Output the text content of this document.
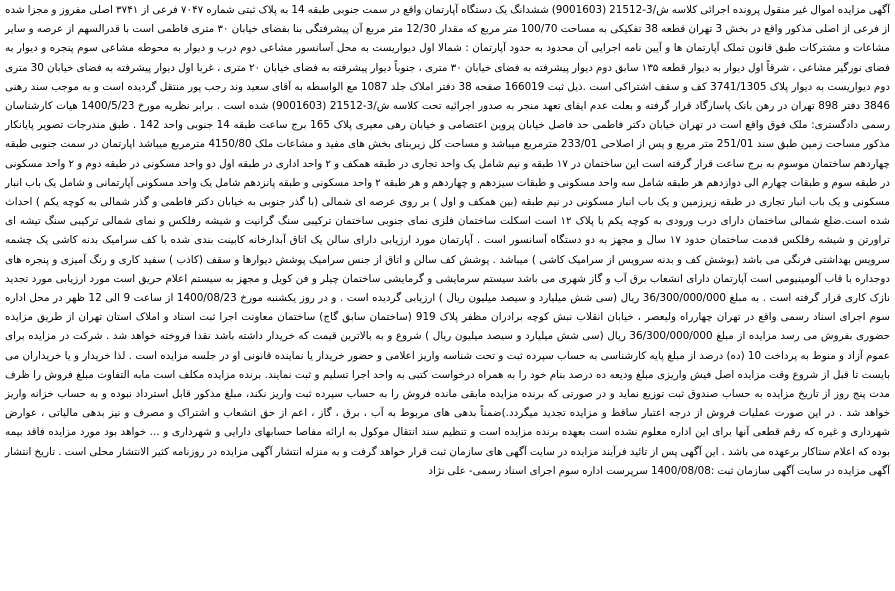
آگهی مزایده اموال غیر منقول پرونده اجرائی کلاسه ش/3-21512 (9001603) ششدانگ یک دستگاه آپارتمان واقع در سمت جنوبی طبقه 14 به پلاک ثبتی شماره ۷۰۴۷ فرعی از ۳۷۴۱ اصلی مفروز و مجزا شده از فرعی از اصلی مذکور واقع در بخش 3 تهران قطعه 38 تفکیکی به مساحت 100/70 متر مربع که مقدار 12/30 متر مربع آن پیشرفتگی بنا بفضای خیابان ۳۰ متری فاطمی است با قدرالسهم از عرصه و سایر مشاعات و مشترکات طبق قانون تملک آپارتمان ها و آیین نامه اجرایی آن محدود به حدود آپارتمان : شمالا اول دیواریست به محل آسانسور مشاعی دوم درب و دیوار به محوطه مشاعی سوم پنجره و دیوار به فضای نورگیر مشاعی ، شرقاً اول دیوار به دیوار قطعه ۱۳۵ سابق دوم دیوار پیشرفته به فضای خیابان ۳۰ متری ، جنوباً دیوار پیشرفته به فضای خیابان ۲۰ متری ، غربا اول دیوار پیشرفته به فضای خیابان 30 متری دوم دیواریست به دیوار پلاک 3741/1305 کف و سقف اشتراکی است .ذیل ثبت 166019 صفحه 38 دفتر املاک جلد 1087 مع الواسطه به آقای سعید وند رجب پور منتقل گردیده است و به موجب سند رهنی 3846 دفتر 898 تهران در رهن بانک پاسارگاد قرار گرفته و بعلت عدم ایفای تعهد منجر به صدور اجرائیه تحت کلاسه ش/3-21512 (9001603) شده است . برابر نظریه مورخ 1400/5/23 هیات کارشناسان رسمی دادگستری: ملک فوق واقع است در تهران خیابان دکتر فاطمی حد فاصل خیابان پروین اعتصامی و خیابان رهی معیری پلاک 165 برج ساعت طبقه 14 جنوبی واحد 142 . طبق مندرجات تصویر پایانکار مذکور مساحت زمین طبق سند 251/01 متر مربع و پس از اصلاحی 233/01 مترمربع میباشد و مساحت کل زیربنای بخش های مفید و مشاعات ملک 4150/80 مترمربع میباشد اپارتمان در سمت جنوبی طبقه چهاردهم ساختمان موسوم به برج ساعت قرار گرفته است این ساختمان در ۱۷ طبقه و نیم شامل یک واحد تجاری در طبقه همکف و ۲ واحد اداری در طبقه اول دو واحد مسکونی در طبقه دوم و ۲ واحد مسکونی در طبقه سوم و طبقات چهارم الی دوازدهم هر طبقه شامل سه واحد مسکونی و طبقات سیزدهم و چهاردهم و هر طبقه ۲ واحد مسکونی و طبقه پانزدهم شامل یک واحد مسکونی آپارتمانی و شامل یک باب انبار مسکونی و یک باب انبار تجاری در طبقه زیرزمین و یک باب انبار مسکونی در نیم طبقه (بین همکف و اول ) بر روی عرصه ای شمالی (با گذر جنوبی به خیابان دکتر فاطمی و گذر شمالی به کوچه یکم ) احداث شده است.ضلع شمالی ساختمان دارای درب ورودی به کوچه یکم با پلاک ۱۲ است اسکلت ساختمان فلزی نمای جنوبی ساختمان ترکیبی سنگ گرانیت و شیشه رفلکس و نمای شمالی ترکیبی سنگ تیشه ای تراورتن و شیشه رفلکس قدمت ساختمان حدود ۱۷ سال و مجهز به دو دستگاه آسانسور است . آپارتمان مورد ارزیابی دارای سالن یک اتاق آبدارخانه کابینت بندی شده با کف سرامیک بدنه کاشی یک چشمه سرویس بهداشتی فرنگی می باشد (بوشش کف و بدنه سرویس از سرامیک کاشی ) میباشد . پوشش کف سالن و اتاق از جنس سرامیک پوشش دیوارها و سقف (کاذب ) سفید کاری و رنگ آمیزی و پنجره های دوجداره با قاب آلومینیومی است آپارتمان دارای انشعاب برق آب و گاز شهری می باشد سیستم سرمایشی و گرمایشی ساختمان چیلر و فن کویل و مجهز به سیستم اعلام حریق است مورد ارزیابی مورد تجدید نازک کاری قرار گرفته است . به مبلغ 36/300/000/000 ریال (سی شش میلیارد و سیصد میلیون ریال ) ارزیابی گردیده است . و در روز یکشنبه مورخ 1400/08/23 از ساعت 9 الی 12 ظهر در محل اداره سوم اجرای اسناد رسمی واقع در تهران چهارراه ولیعصر ، خیابان انقلاب نبش کوچه برادران مظفر پلاک 919 (ساختمان سابق گاج) ساختمان معاونت اجرا ثبت اسناد و املاک استان تهران از طریق مزایده حضوری بفروش می رسد مزایده از مبلغ 36/300/000/000 ریال (سی شش میلیارد و سیصد میلیون ریال ) شروع و به بالاترین قیمت که خریدار داشته باشد نقدا فروخته خواهد شد . شرکت در مزایده برای عموم آزاد و منوط به پرداخت 10 (ده) درصد از مبلغ پایه کارشناسی به حساب سپرده ثبت و تحت شناسه واریز اعلامی و حضور خریدار یا نماینده قانونی او در جلسه مزایده است . لذا خریدار و یا خریداران می بایست تا قبل از شروع وقت مزایده اصل فیش واریزی مبلغ ودیعه ده درصد بنام خود را به همراه درخواست کتبی به واحد اجرا تسلیم و ثبت نمایند. برنده مزایده مکلف است مابه التفاوت مبلغ فروش را ظرف مدت پنج روز از تاریخ مزایده به حساب صندوق ثبت توزیع نماید و در صورتی که برنده مزایده مابقی مانده فروش را به حساب سپرده ثبت واریز نکند، مبلغ مذکور قابل استرداد نبوده و به حساب خزانه واریز خواهد شد . در این صورت عملیات فروش از درجه اعتبار ساقط و مزایده تجدید میگردد.)ضمناً بدهی های مربوط به آب ، برق ، گاز ، اعم از حق انشعاب و اشتراک و مصرف و نیز بدهی مالیاتی ، عوارض شهرداری و غیره که رقم قطعی آنها برای این اداره معلوم نشده است بعهده برنده مزایده است و تنظیم سند انتقال موکول به ارائه مفاصا حسابهای دارایی و شهرداری و ... خواهد بود مورد مزایده فاقد بیمه بوده که اعلام ستاکار برعهده می باشد . این آگهی پس از تائید فرآیند مزایده در سایت آگهی های سازمان ثبت قرار خواهد گرفت و به منزله انتشار آگهی مزایده در روزنامه کثیر الانتشار محلی است . تاریخ انتشار آگهی مزایده در سایت آگهی سازمان ثبت :1400/08/08 سرپرست اداره سوم اجرای اسناد رسمی- علی نژاد
